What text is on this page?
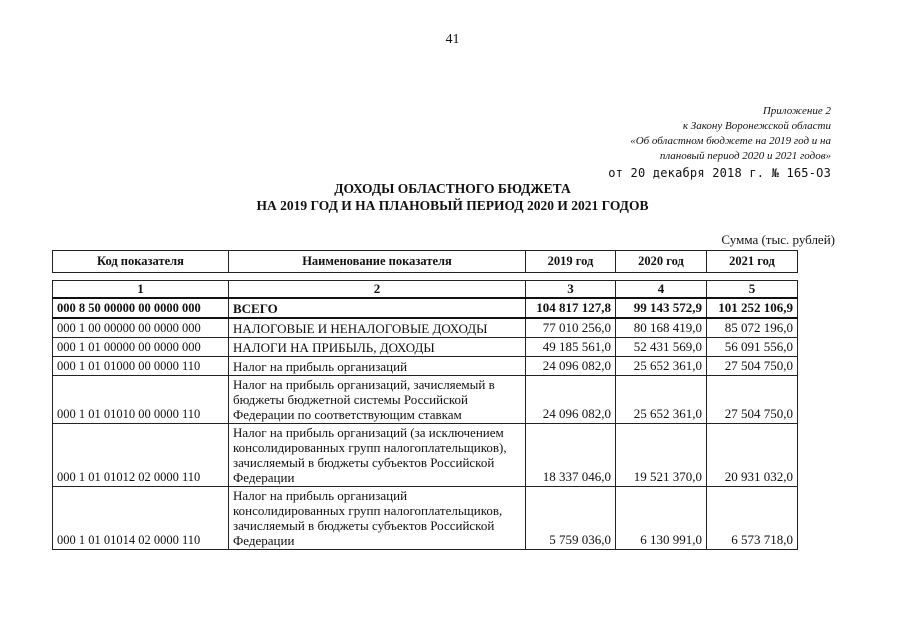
41
Приложение 2
к Закону Воронежской области
«Об областном бюджете на 2019 год и на
плановый период 2020 и 2021 годов»
от 20 декабря 2018 г. № 165-ОЗ
ДОХОДЫ ОБЛАСТНОГО БЮДЖЕТА
НА 2019 ГОД И НА ПЛАНОВЫЙ ПЕРИОД 2020 И 2021 ГОДОВ
Сумма (тыс. рублей)
Код показателя	Наименование показателя	2019 год	2020 год	2021 год
1	2	3	4	5
000 8 50 00000 00 0000 000	ВСЕГО	104 817 127,8	99 143 572,9	101 252 106,9
000 1 00 00000 00 0000 000	НАЛОГОВЫЕ И НЕНАЛОГОВЫЕ ДОХОДЫ	77 010 256,0	80 168 419,0	85 072 196,0
000 1 01 00000 00 0000 000	НАЛОГИ НА ПРИБЫЛЬ, ДОХОДЫ	49 185 561,0	52 431 569,0	56 091 556,0
000 1 01 01000 00 0000 110	Налог на прибыль организаций	24 096 082,0	25 652 361,0	27 504 750,0
000 1 01 01010 00 0000 110	Налог на прибыль организаций, зачисляемый в бюджеты бюджетной системы Российской Федерации по соответствующим ставкам	24 096 082,0	25 652 361,0	27 504 750,0
000 1 01 01012 02 0000 110	Налог на прибыль организаций (за исключением консолидированных групп налогоплательщиков), зачисляемый в бюджеты субъектов Российской Федерации	18 337 046,0	19 521 370,0	20 931 032,0
000 1 01 01014 02 0000 110	Налог на прибыль организаций консолидированных групп налогоплательщиков, зачисляемый в бюджеты субъектов Российской Федерации	5 759 036,0	6 130 991,0	6 573 718,0
